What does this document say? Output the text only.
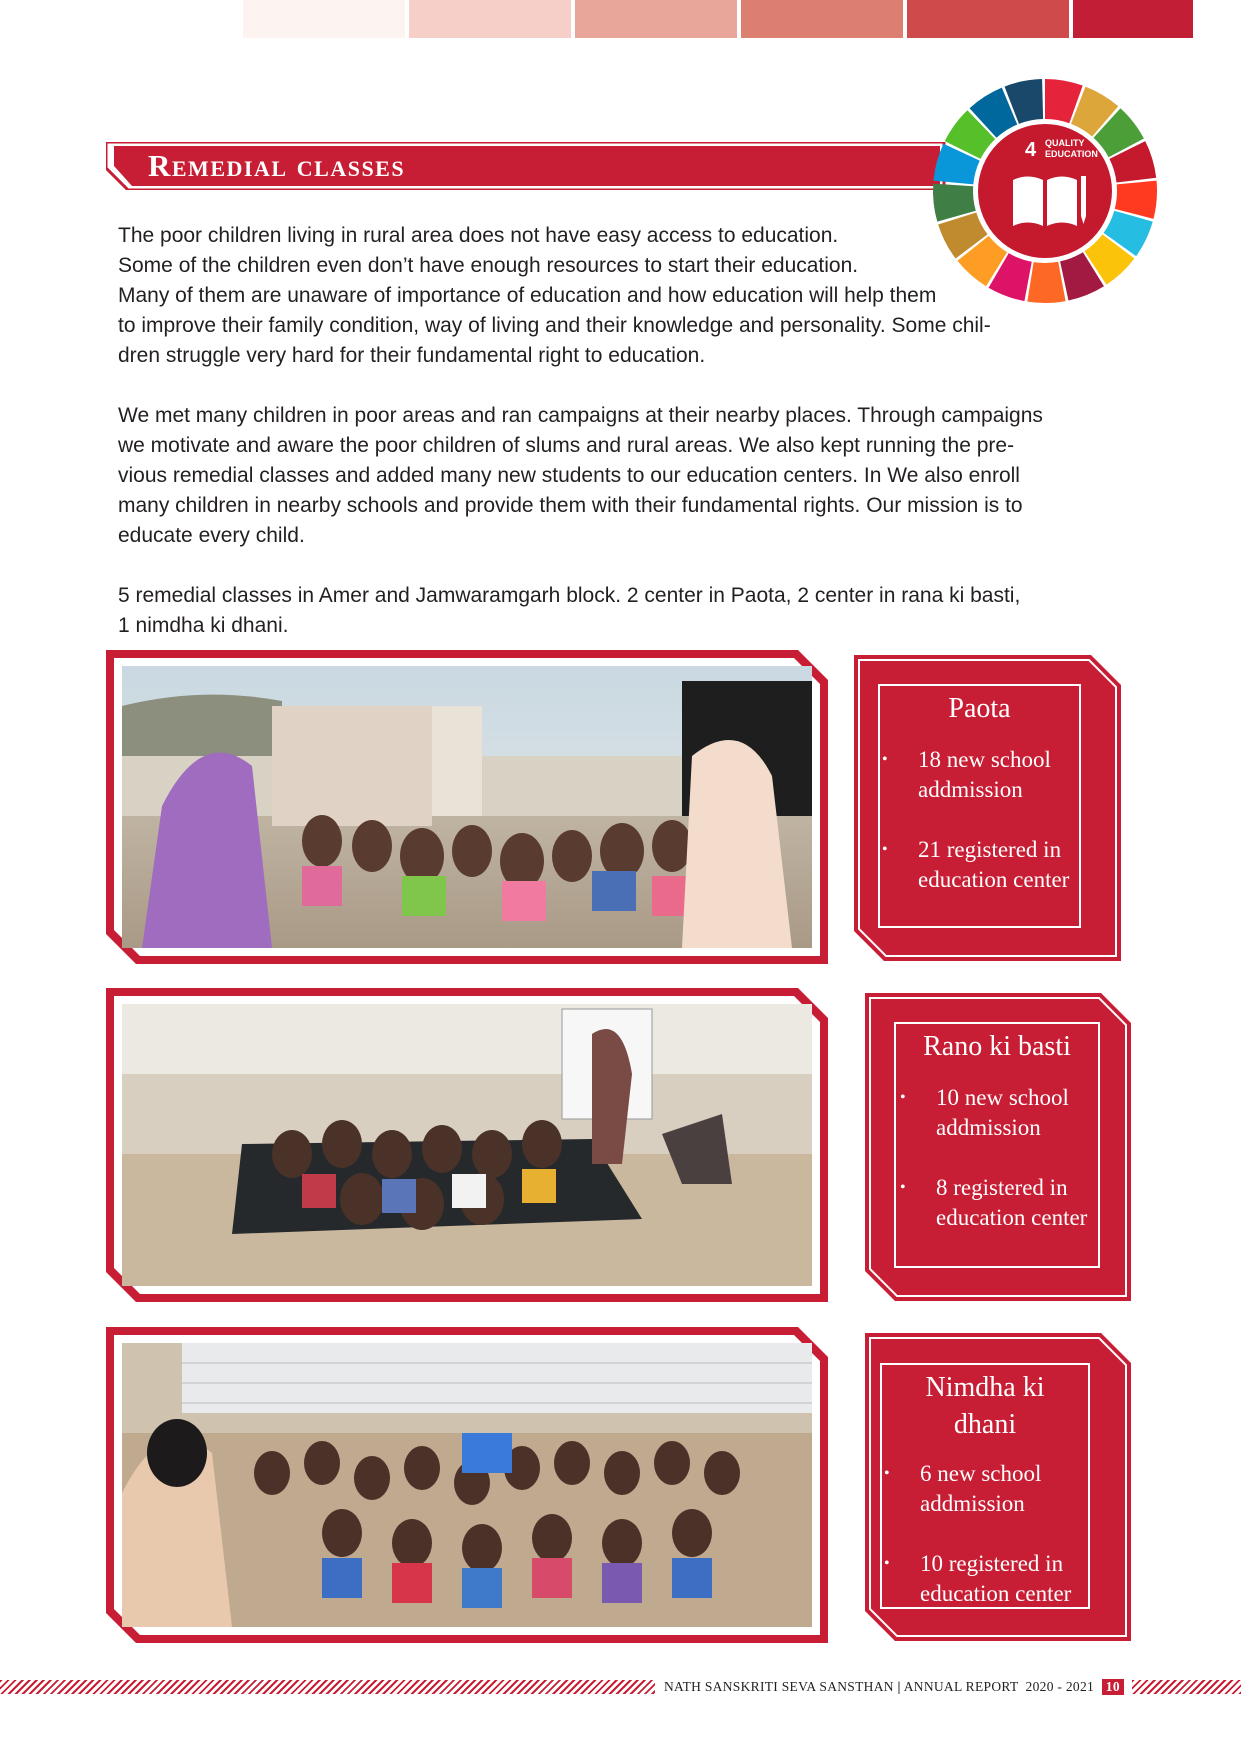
Remedial classes	4 QUALITY
EDUCATION
The poor children living in rural area does not have easy access to education.
Some of the children even don’t have enough resources to start their education.
Many of them are unaware of importance of education and how education will help them
to improve their family condition, way of living and their knowledge and personality. Some chil-
dren struggle very hard for their fundamental right to education.
We met many children in poor areas and ran campaigns at their nearby places. Through campaigns
we motivate and aware the poor children of slums and rural areas. We also kept running the pre-
vious remedial classes and added many new students to our education centers. In We also enroll
many children in nearby schools and provide them with their fundamental rights. Our mission is to
educate every child.
5 remedial classes in Amer and Jamwaramgarh block. 2 center in Paota, 2 center in rana ki basti,
1 nimdha ki dhani.
Paota
• 18 new school addmission
• 21 registered in education center
Rano ki basti
• 10 new school addmission
• 8 registered in education center
Nimdha ki dhani
• 6 new school addmission
• 10 registered in education center
NATH SANSKRITI SEVA SANSTHAN | ANNUAL REPORT  2020 - 2021 10
